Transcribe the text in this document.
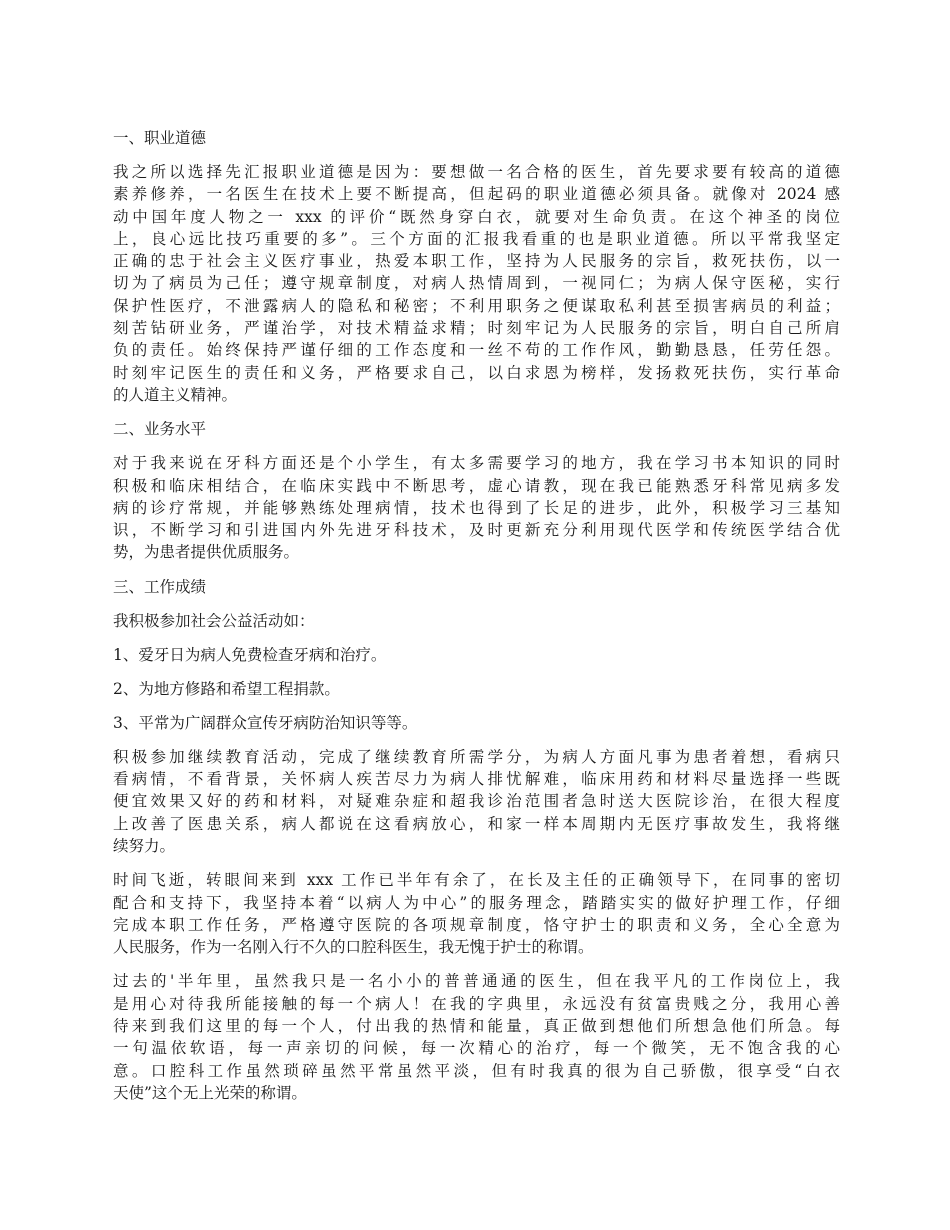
一、职业道德
我之所以选择先汇报职业道德是因为：要想做一名合格的医生，首先要求要有较高的道德
素养修养，一名医生在技术上要不断提高，但起码的职业道德必须具备。就像对 2024 感
动中国年度人物之一 xxx 的评价“既然身穿白衣，就要对生命负责。在这个神圣的岗位
上，良心远比技巧重要的多”。三个方面的汇报我看重的也是职业道德。所以平常我坚定
正确的忠于社会主义医疗事业，热爱本职工作，坚持为人民服务的宗旨，救死扶伤，以一
切为了病员为己任；遵守规章制度，对病人热情周到，一视同仁；为病人保守医秘，实行
保护性医疗，不泄露病人的隐私和秘密；不利用职务之便谋取私利甚至损害病员的利益；
刻苦钻研业务，严谨治学，对技术精益求精；时刻牢记为人民服务的宗旨，明白自己所肩
负的责任。始终保持严谨仔细的工作态度和一丝不苟的工作作风，勤勤恳恳，任劳任怨。
时刻牢记医生的责任和义务，严格要求自己，以白求恩为榜样，发扬救死扶伤，实行革命
的人道主义精神。
二、业务水平
对于我来说在牙科方面还是个小学生，有太多需要学习的地方，我在学习书本知识的同时
积极和临床相结合，在临床实践中不断思考，虚心请教，现在我已能熟悉牙科常见病多发
病的诊疗常规，并能够熟练处理病情，技术也得到了长足的进步，此外，积极学习三基知
识，不断学习和引进国内外先进牙科技术，及时更新充分利用现代医学和传统医学结合优
势，为患者提供优质服务。
三、工作成绩
我积极参加社会公益活动如：
1、爱牙日为病人免费检查牙病和治疗。
2、为地方修路和希望工程捐款。
3、平常为广阔群众宣传牙病防治知识等等。
积极参加继续教育活动，完成了继续教育所需学分，为病人方面凡事为患者着想，看病只
看病情，不看背景，关怀病人疾苦尽力为病人排忧解难，临床用药和材料尽量选择一些既
便宜效果又好的药和材料，对疑难杂症和超我诊治范围者急时送大医院诊治，在很大程度
上改善了医患关系，病人都说在这看病放心，和家一样本周期内无医疗事故发生，我将继
续努力。
时间飞逝，转眼间来到 xxx 工作已半年有余了，在长及主任的正确领导下，在同事的密切
配合和支持下，我坚持本着“以病人为中心”的服务理念，踏踏实实的做好护理工作，仔细
完成本职工作任务，严格遵守医院的各项规章制度，恪守护士的职责和义务，全心全意为
人民服务，作为一名刚入行不久的口腔科医生，我无愧于护士的称谓。
过去的'半年里，虽然我只是一名小小的普普通通的医生，但在我平凡的工作岗位上，我
是用心对待我所能接触的每一个病人！在我的字典里，永远没有贫富贵贱之分，我用心善
待来到我们这里的每一个人，付出我的热情和能量，真正做到想他们所想急他们所急。每
一句温依软语，每一声亲切的问候，每一次精心的治疗，每一个微笑，无不饱含我的心
意。口腔科工作虽然琐碎虽然平常虽然平淡，但有时我真的很为自己骄傲，很享受“白衣
天使”这个无上光荣的称谓。
